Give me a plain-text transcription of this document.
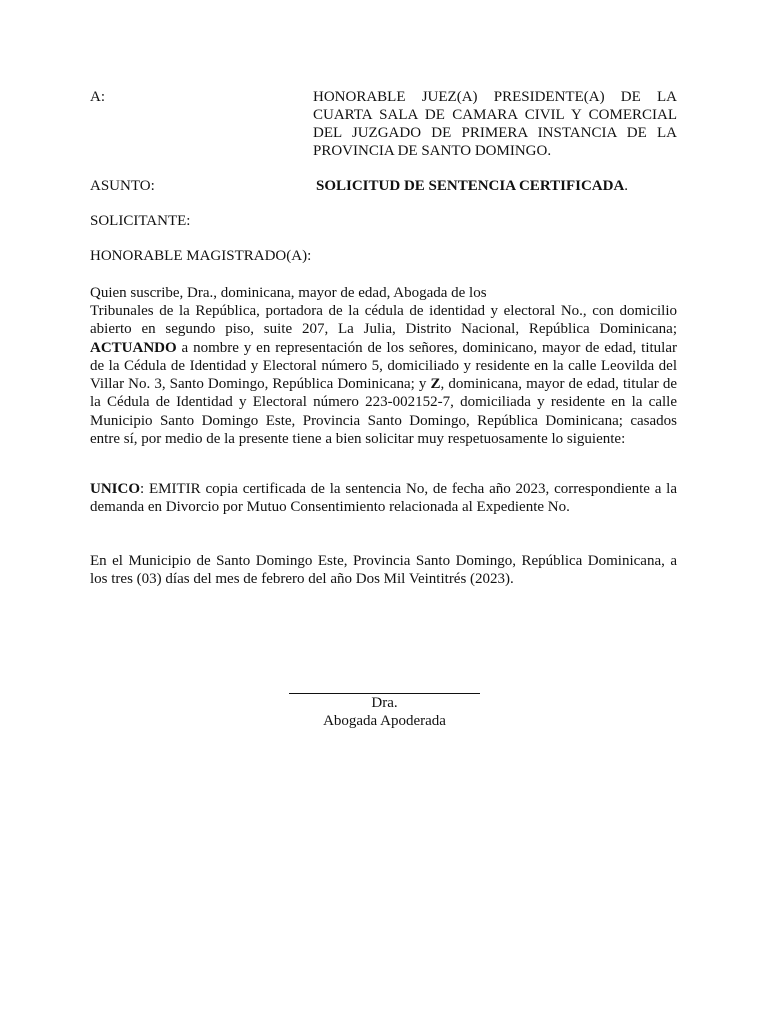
A:	HONORABLE JUEZ(A) PRESIDENTE(A) DE LA CUARTA SALA DE CAMARA CIVIL Y COMERCIAL DEL JUZGADO DE PRIMERA INSTANCIA DE LA PROVINCIA DE SANTO DOMINGO.
ASUNTO:	SOLICITUD DE SENTENCIA CERTIFICADA.
SOLICITANTE:
HONORABLE MAGISTRADO(A):
Quien suscribe, Dra., dominicana, mayor de edad, Abogada de los
Tribunales de la República, portadora de la cédula de identidad y electoral No., con domicilio abierto en segundo piso, suite 207, La Julia, Distrito Nacional, República Dominicana; ACTUANDO a nombre y en representación de los señores, dominicano, mayor de edad, titular de la Cédula de Identidad y Electoral número 5, domiciliado y residente en la calle Leovilda del Villar No. 3, Santo Domingo, República Dominicana; y Z, dominicana, mayor de edad, titular de la Cédula de Identidad y Electoral número 223-002152-7, domiciliada y residente en la calle Municipio Santo Domingo Este, Provincia Santo Domingo, República Dominicana; casados entre sí, por medio de la presente tiene a bien solicitar muy respetuosamente lo siguiente:
UNICO: EMITIR copia certificada de la sentencia No, de fecha año 2023, correspondiente a la demanda en Divorcio por Mutuo Consentimiento relacionada al Expediente No.
En el Municipio de Santo Domingo Este, Provincia Santo Domingo, República Dominicana, a los tres (03) días del mes de febrero del año Dos Mil Veintitrés (2023).
Dra.
Abogada Apoderada
